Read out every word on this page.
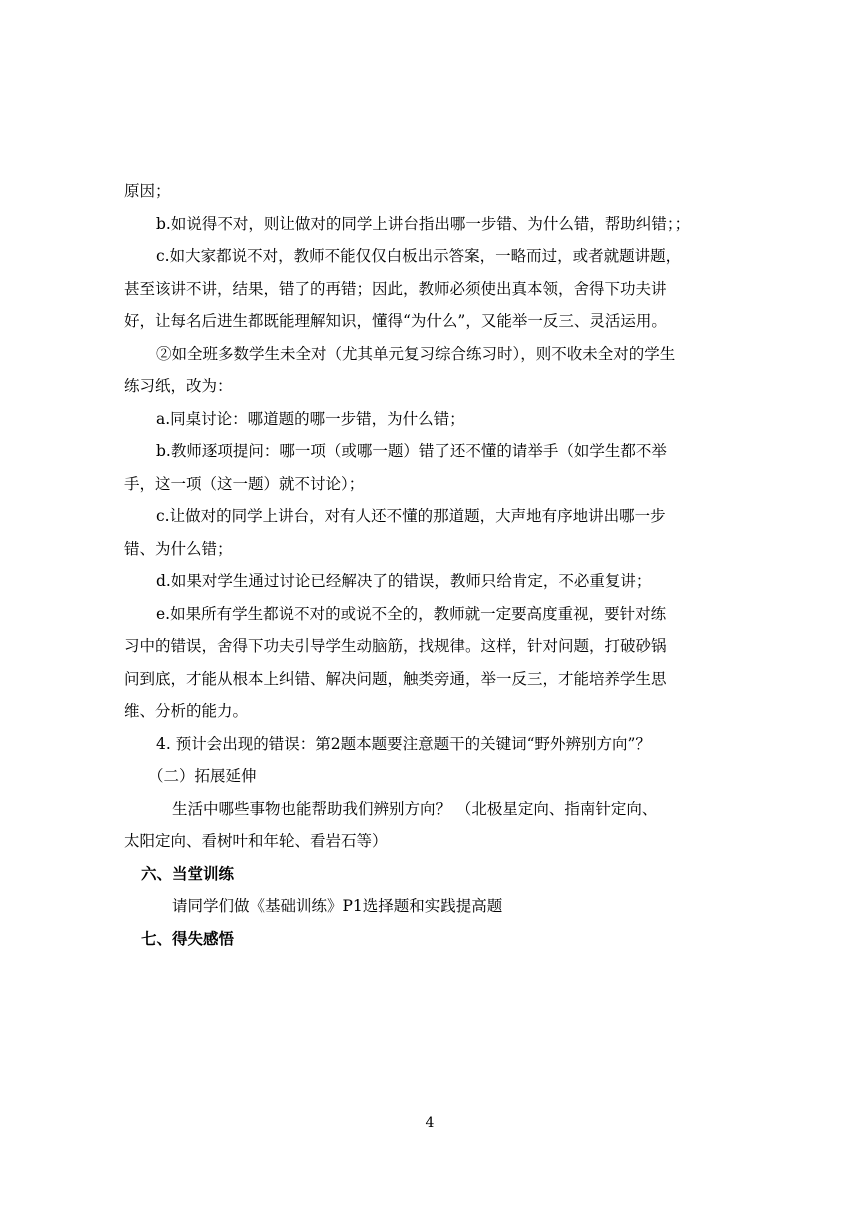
原因；
b.如说得不对，则让做对的同学上讲台指出哪一步错、为什么错，帮助纠错；；
c.如大家都说不对，教师不能仅仅白板出示答案，一略而过，或者就题讲题，
甚至该讲不讲，结果，错了的再错；因此，教师必须使出真本领，舍得下功夫讲
好，让每名后进生都既能理解知识，懂得“为什么”，又能举一反三、灵活运用。
②如全班多数学生未全对（尤其单元复习综合练习时），则不收未全对的学生
练习纸，改为：
a.同桌讨论：哪道题的哪一步错，为什么错；
b.教师逐项提问：哪一项（或哪一题）错了还不懂的请举手（如学生都不举
手，这一项（这一题）就不讨论）；
c.让做对的同学上讲台，对有人还不懂的那道题，大声地有序地讲出哪一步
错、为什么错；
d.如果对学生通过讨论已经解决了的错误，教师只给肯定，不必重复讲；
e.如果所有学生都说不对的或说不全的，教师就一定要高度重视，要针对练
习中的错误，舍得下功夫引导学生动脑筋，找规律。这样，针对问题，打破砂锅
问到底，才能从根本上纠错、解决问题，触类旁通，举一反三，才能培养学生思
维、分析的能力。
4. 预计会出现的错误：第2题本题要注意题干的关键词“野外辨别方向”？
（二）拓展延伸
生活中哪些事物也能帮助我们辨别方向？ （北极星定向、指南针定向、
太阳定向、看树叶和年轮、看岩石等）
六、当堂训练
请同学们做《基础训练》P1选择题和实践提高题
七、得失感悟
4
